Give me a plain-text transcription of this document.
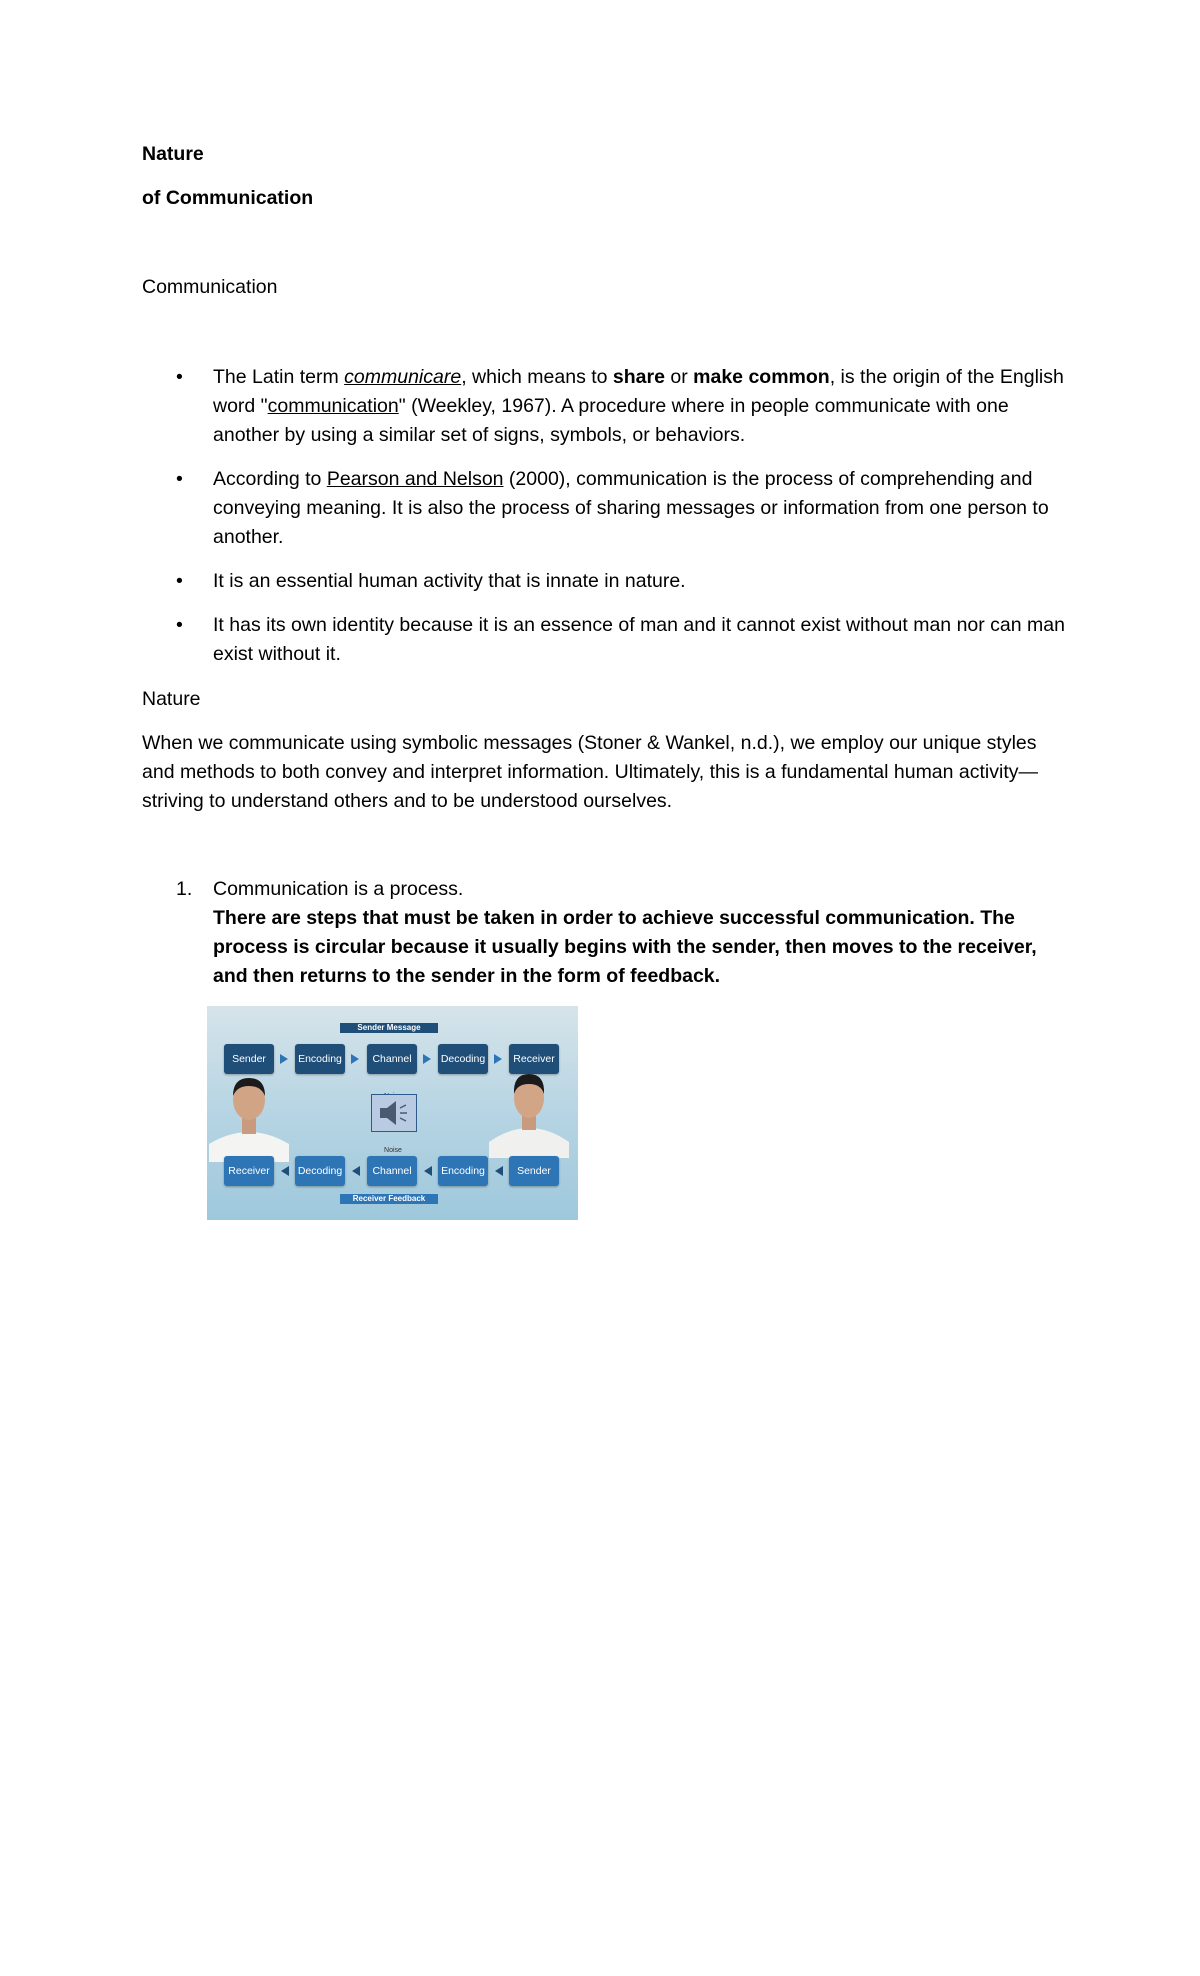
Nature

of Communication

Communication

• The Latin term communicare, which means to share or make common, is the origin of the English word "communication" (Weekley, 1967). A procedure where in people communicate with one another by using a similar set of signs, symbols, or behaviors.
• According to Pearson and Nelson (2000), communication is the process of comprehending and conveying meaning. It is also the process of sharing messages or information from one person to another.
• It is an essential human activity that is innate in nature.
• It has its own identity because it is an essence of man and it cannot exist without man nor can man exist without it.

Nature

When we communicate using symbolic messages (Stoner & Wankel, n.d.), we employ our unique styles and methods to both convey and interpret information. Ultimately, this is a fundamental human activity—striving to understand others and to be understood ourselves.

1. Communication is a process.
There are steps that must be taken in order to achieve successful communication. The process is circular because it usually begins with the sender, then moves to the receiver, and then returns to the sender in the form of feedback.
Sender Message
Sender	Encoding	Channel	Decoding	Receiver
Noise
Receiver	Decoding	Channel	Encoding	Sender
Receiver Feedback
